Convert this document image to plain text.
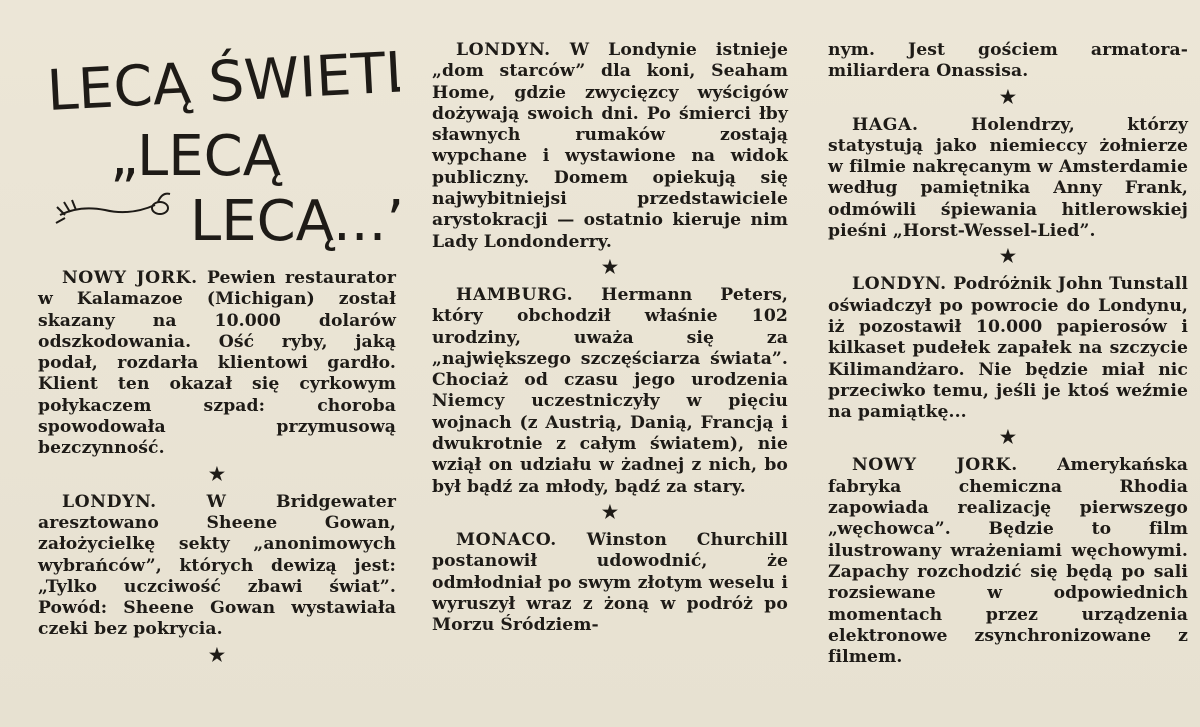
LECĄ ŚWIETLIKI
„LECĄ
LECĄ...”

NOWY JORK. Pewien restaurator w Kalamazoe (Michigan) został skazany na 10.000 dolarów odszkodowania. Ość ryby, jaką podał, rozdarła klientowi gardło. Klient ten okazał się cyrkowym połykaczem szpad: choroba spowodowała przymusową bezczynność.

★

LONDYN. W Bridgewater aresztowano Sheene Gowan, założycielkę sekty „anonimowych wybrańców”, których dewizą jest: „Tylko uczciwość zbawi świat”. Powód: Sheene Gowan wystawiała czeki bez pokrycia.

★

LONDYN. W Londynie istnieje „dom starców” dla koni, Seaham Home, gdzie zwycięzcy wyścigów dożywają swoich dni. Po śmierci łby sławnych rumaków zostają wypchane i wystawione na widok publiczny. Domem opiekują się najwybitniejsi przedstawiciele arystokracji — ostatnio kieruje nim Lady Londonderry.

★

HAMBURG. Hermann Peters, który obchodził właśnie 102 urodziny, uważa się za „największego szczęściarza świata”. Chociaż od czasu jego urodzenia Niemcy uczestniczyły w pięciu wojnach (z Austrią, Danią, Francją i dwukrotnie z całym światem), nie wziął on udziału w żadnej z nich, bo był bądź za młody, bądź za stary.

★

MONACO. Winston Churchill postanowił udowodnić, że odmłodniał po swym złotym weselu i wyruszył wraz z żoną w podróż po Morzu Śródziem-

nym. Jest gościem armatora-miliardera Onassisa.

★

HAGA. Holendrzy, którzy statystują jako niemieccy żołnierze w filmie nakręcanym w Amsterdamie według pamiętnika Anny Frank, odmówili śpiewania hitlerowskiej pieśni „Horst-Wessel-Lied”.

★

LONDYN. Podróżnik John Tunstall oświadczył po powrocie do Londynu, iż pozostawił 10.000 papierosów i kilkaset pudełek zapałek na szczycie Kilimandżaro. Nie będzie miał nic przeciwko temu, jeśli je ktoś weźmie na pamiątkę...

★

NOWY JORK. Amerykańska fabryka chemiczna Rhodia zapowiada realizację pierwszego „węchowca”. Będzie to film ilustrowany wrażeniami węchowymi. Zapachy rozchodzić się będą po sali rozsiewane w odpowiednich momentach przez urządzenia elektronowe zsynchronizowane z filmem.
